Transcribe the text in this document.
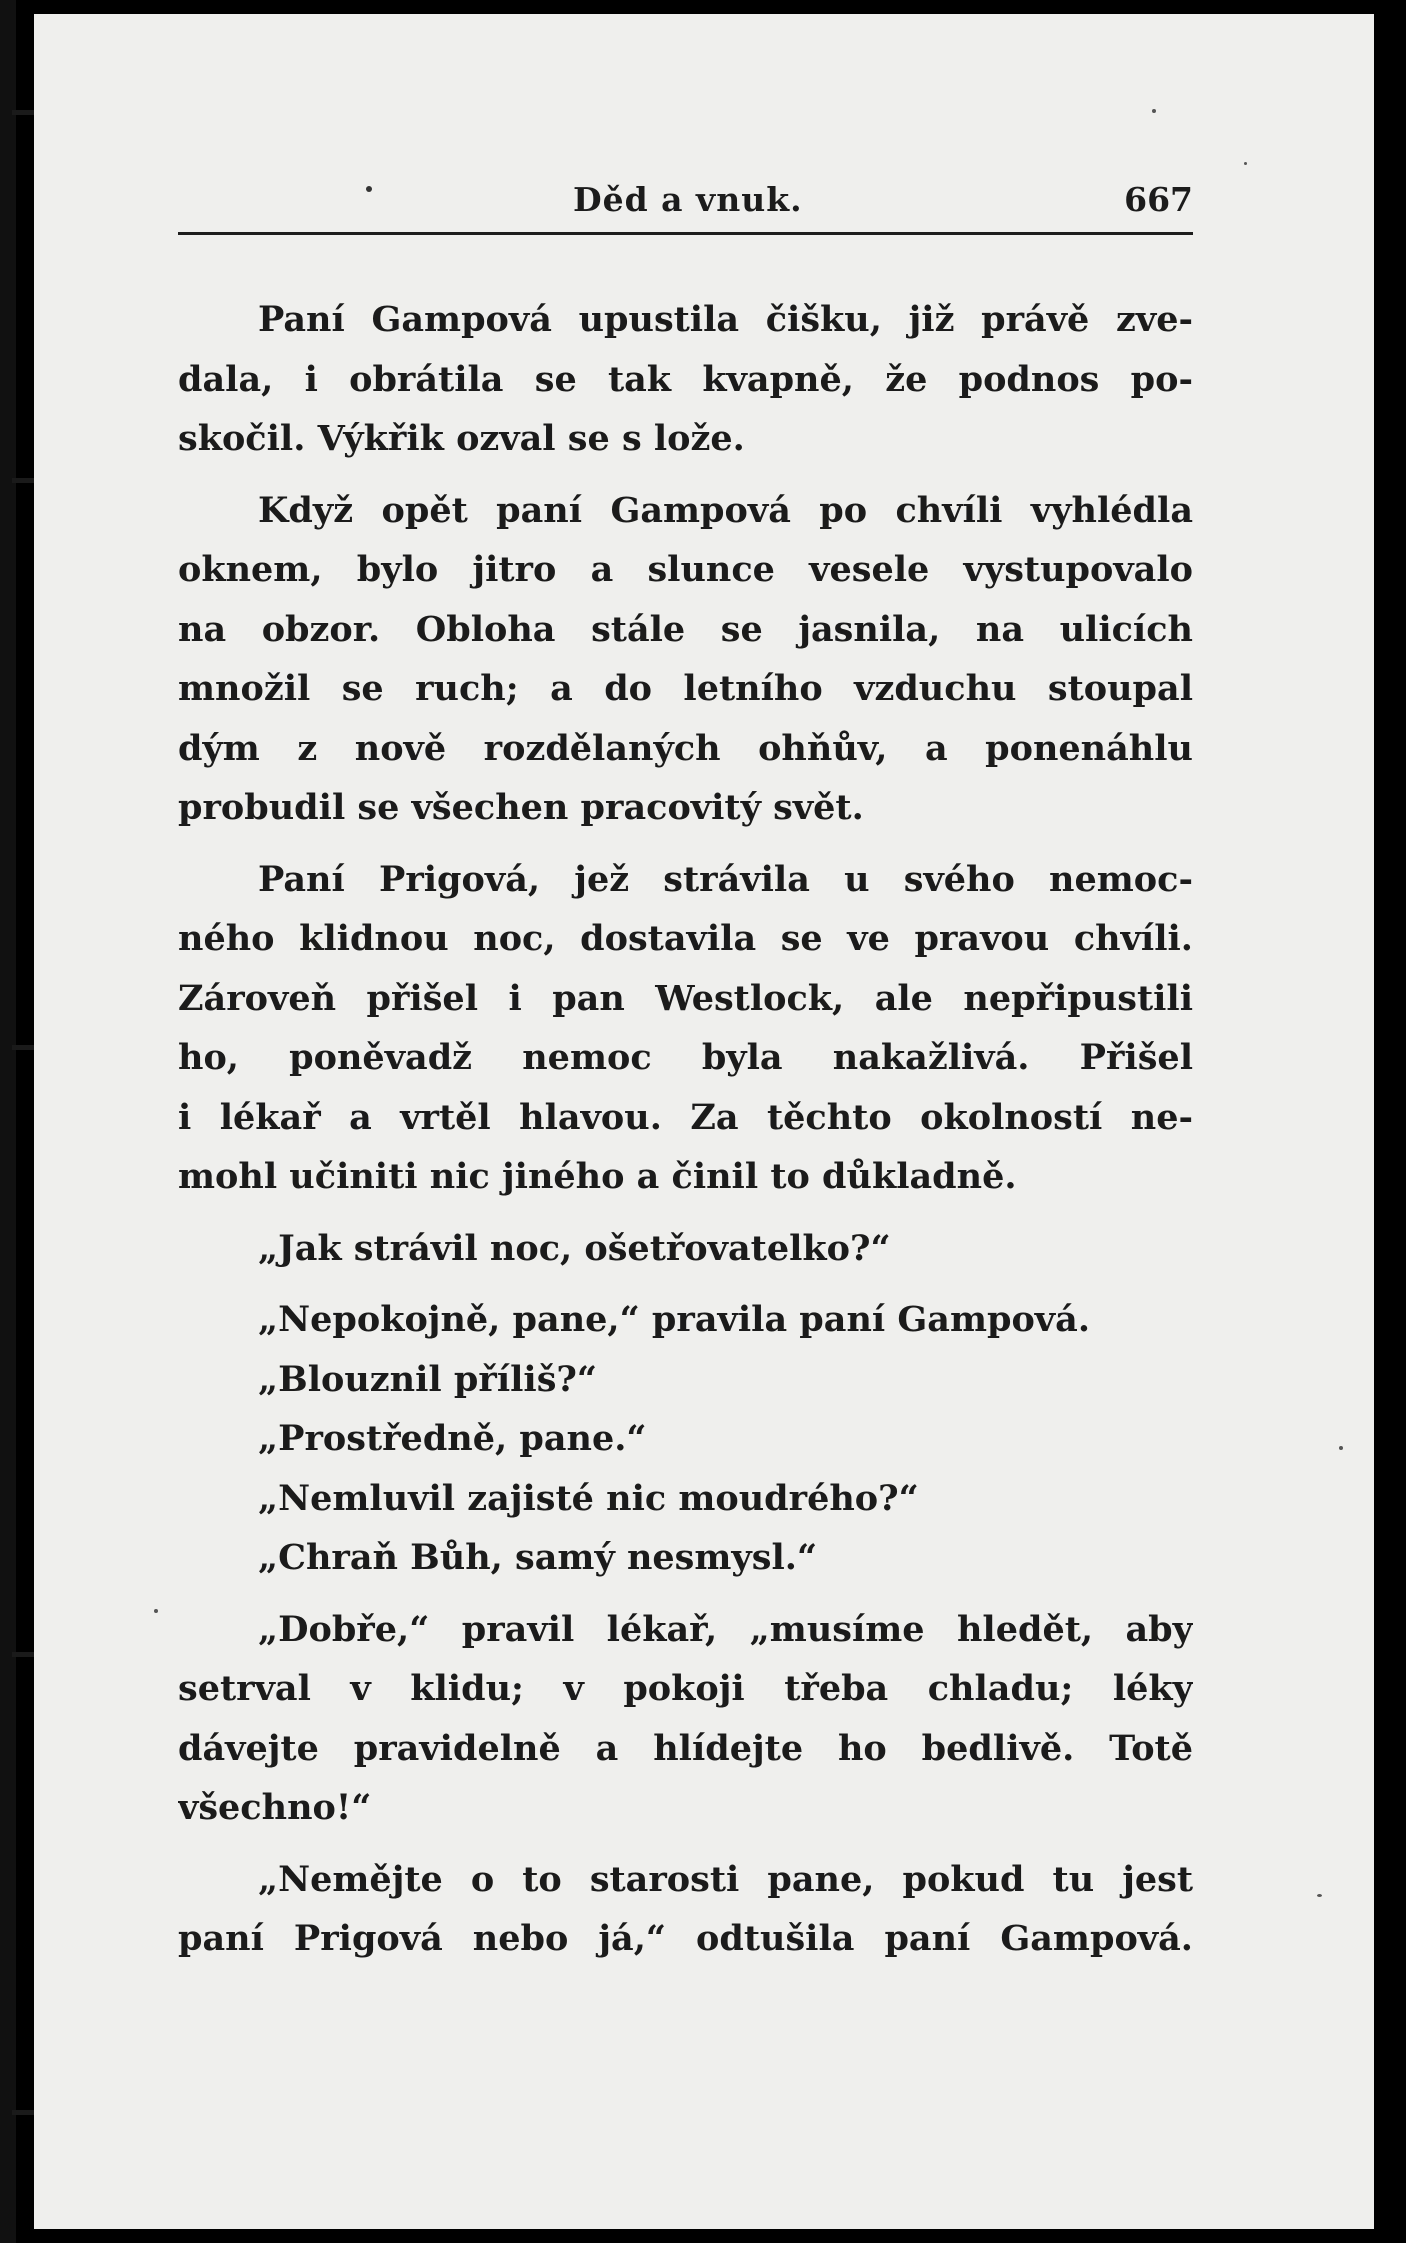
Děd a vnuk.	667
Paní Gampová upustila čišku, již právě zve-
dala, i obrátila se tak kvapně, že podnos po-
skočil. Výkřik ozval se s lože.
Když opět paní Gampová po chvíli vyhlédla
oknem, bylo jitro a slunce vesele vystupovalo
na obzor. Obloha stále se jasnila, na ulicích
množil se ruch; a do letního vzduchu stoupal
dým z nově rozdělaných ohňův, a ponenáhlu
probudil se všechen pracovitý svět.
Paní Prigová, jež strávila u svého nemoc-
ného klidnou noc, dostavila se ve pravou chvíli.
Zároveň přišel i pan Westlock, ale nepřipustili
ho, poněvadž nemoc byla nakažlivá. Přišel
i lékař a vrtěl hlavou. Za těchto okolností ne-
mohl učiniti nic jiného a činil to důkladně.
„Jak strávil noc, ošetřovatelko?“
„Nepokojně, pane,“ pravila paní Gampová.
„Blouznil příliš?“
„Prostředně, pane.“
„Nemluvil zajisté nic moudrého?“
„Chraň Bůh, samý nesmysl.“
„Dobře,“ pravil lékař, „musíme hledět, aby
setrval v klidu; v pokoji třeba chladu; léky
dávejte pravidelně a hlídejte ho bedlivě. Totě
všechno!“
„Nemějte o to starosti pane, pokud tu jest
paní Prigová nebo já,“ odtušila paní Gampová.
